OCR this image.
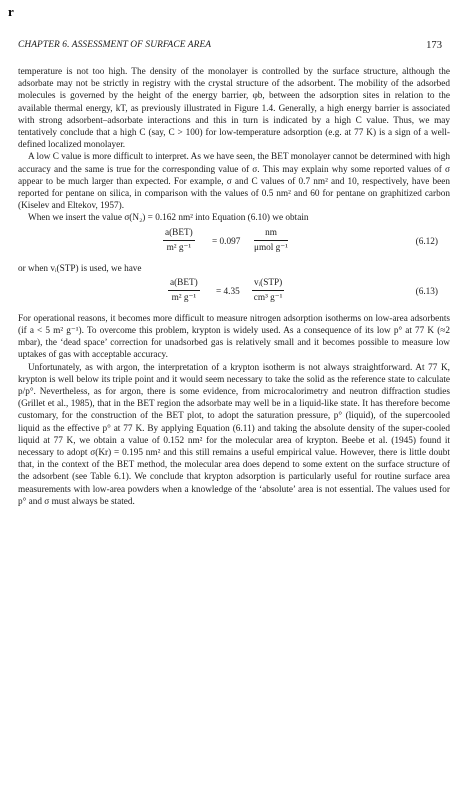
r
CHAPTER 6. ASSESSMENT OF SURFACE AREA	173

temperature is not too high. The density of the monolayer is controlled by the surface structure, although the adsorbate may not be strictly in registry with the crystal structure of the adsorbent. The mobility of the adsorbed molecules is governed by the height of the energy barrier, φb, between the adsorption sites in relation to the available thermal energy, kT, as previously illustrated in Figure 1.4. Generally, a high energy barrier is associated with strong adsorbent–adsorbate interactions and this in turn is indicated by a high C value. Thus, we may tentatively conclude that a high C (say, C > 100) for low-temperature adsorption (e.g. at 77 K) is a sign of a well-defined localized monolayer.

A low C value is more difficult to interpret. As we have seen, the BET monolayer cannot be determined with high accuracy and the same is true for the corresponding value of σ. This may explain why some reported values of σ appear to be much larger than expected. For example, σ and C values of 0.7 nm² and 10, respectively, have been reported for pentane on silica, in comparison with the values of 0.5 nm² and 60 for pentane on graphitized carbon (Kiselev and Eltekov, 1957).

When we insert the value σ(N₂) = 0.162 nm² into Equation (6.10) we obtain

a(BET)
m² g⁻¹
= 0.097
nm
μmol g⁻¹
(6.12)

or when vᵢ(STP) is used, we have

a(BET)
m² g⁻¹
= 4.35
vᵢ(STP)
cm³ g⁻¹
(6.13)

For operational reasons, it becomes more difficult to measure nitrogen adsorption isotherms on low-area adsorbents (if a < 5 m² g⁻¹). To overcome this problem, krypton is widely used. As a consequence of its low p° at 77 K (≈2 mbar), the ‘dead space’ correction for unadsorbed gas is relatively small and it becomes possible to measure low uptakes of gas with acceptable accuracy.

Unfortunately, as with argon, the interpretation of a krypton isotherm is not always straightforward. At 77 K, krypton is well below its triple point and it would seem necessary to take the solid as the reference state to calculate p/p°. Nevertheless, as for argon, there is some evidence, from microcalorimetry and neutron diffraction studies (Grillet et al., 1985), that in the BET region the adsorbate may well be in a liquid-like state. It has therefore become customary, for the construction of the BET plot, to adopt the saturation pressure, p° (liquid), of the supercooled liquid as the effective p° at 77 K. By applying Equation (6.11) and taking the absolute density of the super-cooled liquid at 77 K, we obtain a value of 0.152 nm² for the molecular area of krypton. Beebe et al. (1945) found it necessary to adopt σ(Kr) = 0.195 nm² and this still remains a useful empirical value. However, there is little doubt that, in the context of the BET method, the molecular area does depend to some extent on the surface structure of the adsorbent (see Table 6.1). We conclude that krypton adsorption is particularly useful for routine surface area measurements with low-area powders when a knowledge of the ‘absolute’ area is not essential. The values used for p° and σ must always be stated.
